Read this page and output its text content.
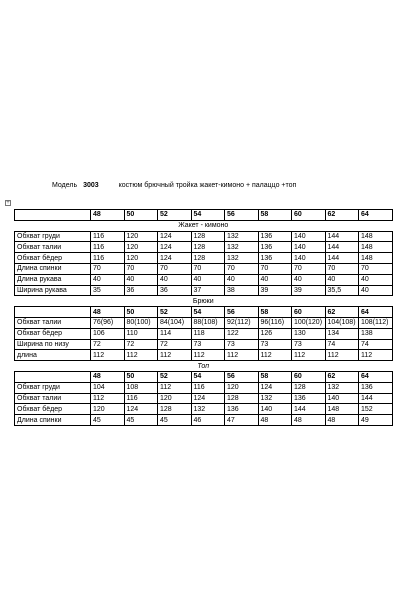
Модель 3003	костюм брючный тройка жакет-кимоно + палаццо +топ
+
	48	50	52	54	56	58	60	62	64
Жакет - кимоно									
Обхват груди	116	120	124	128	132	136	140	144	148
Обхват талии	116	120	124	128	132	136	140	144	148
Обхват бёдер	116	120	124	128	132	136	140	144	148
Длина спинки	70	70	70	70	70	70	70	70	70
Длина рукава	40	40	40	40	40	40	40	40	40
Ширина рукава	35	36	36	37	38	39	39	35,5	40
Брюки									
	48	50	52	54	56	58	60	62	64
Обхват талии	76(96)	80(100)	84(104)	88(108)	92(112)	96(116)	100(120)	104(108)	108(112)
Обхват бёдер	106	110	114	118	122	126	130	134	138
Ширина по низу	72	72	72	73	73	73	73	74	74
длина	112	112	112	112	112	112	112	112	112
Топ									
	48	50	52	54	56	58	60	62	64
Обхват груди	104	108	112	116	120	124	128	132	136
Обхват талии	112	116	120	124	128	132	136	140	144
Обхват бёдер	120	124	128	132	136	140	144	148	152
Длина спинки	45	45	45	46	47	48	48	48	49
